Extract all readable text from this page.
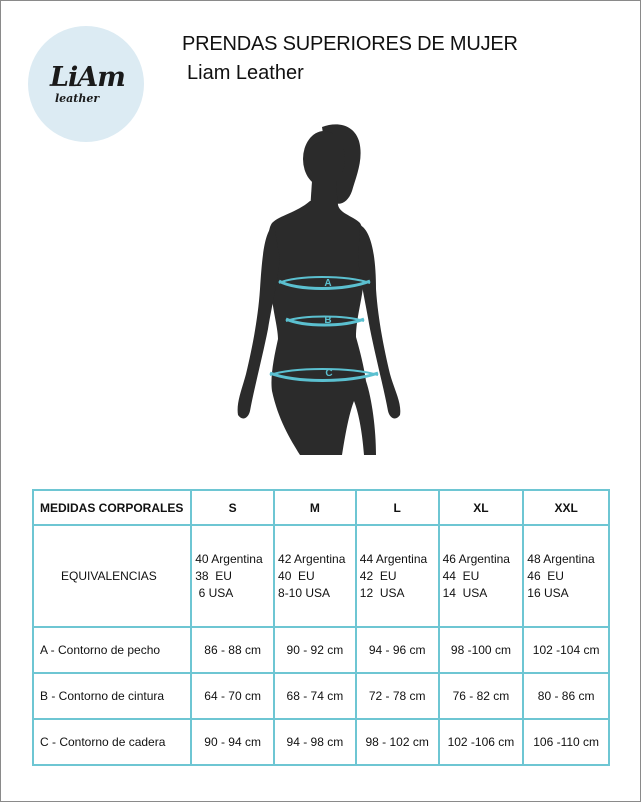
LiAm
leather
PRENDAS SUPERIORES DE MUJER
Liam Leather
A
B
C
MEDIDAS CORPORALES	S	M	L	XL	XXL
EQUIVALENCIAS	40 Argentina
38  EU
6 USA	42 Argentina
40  EU
8-10 USA	44 Argentina
42  EU
12  USA	46 Argentina
44  EU
14  USA	48 Argentina
46  EU
16 USA

A - Contorno de pecho	86 - 88 cm	90 - 92 cm	94 - 96 cm	98 -100 cm	102 -104 cm
B - Contorno de cintura	64 - 70 cm	68 - 74 cm	72 - 78 cm	76 - 82 cm	80 - 86 cm
C - Contorno de cadera	90 - 94 cm	94 - 98 cm	98 - 102 cm	102 -106 cm	106 -110 cm
